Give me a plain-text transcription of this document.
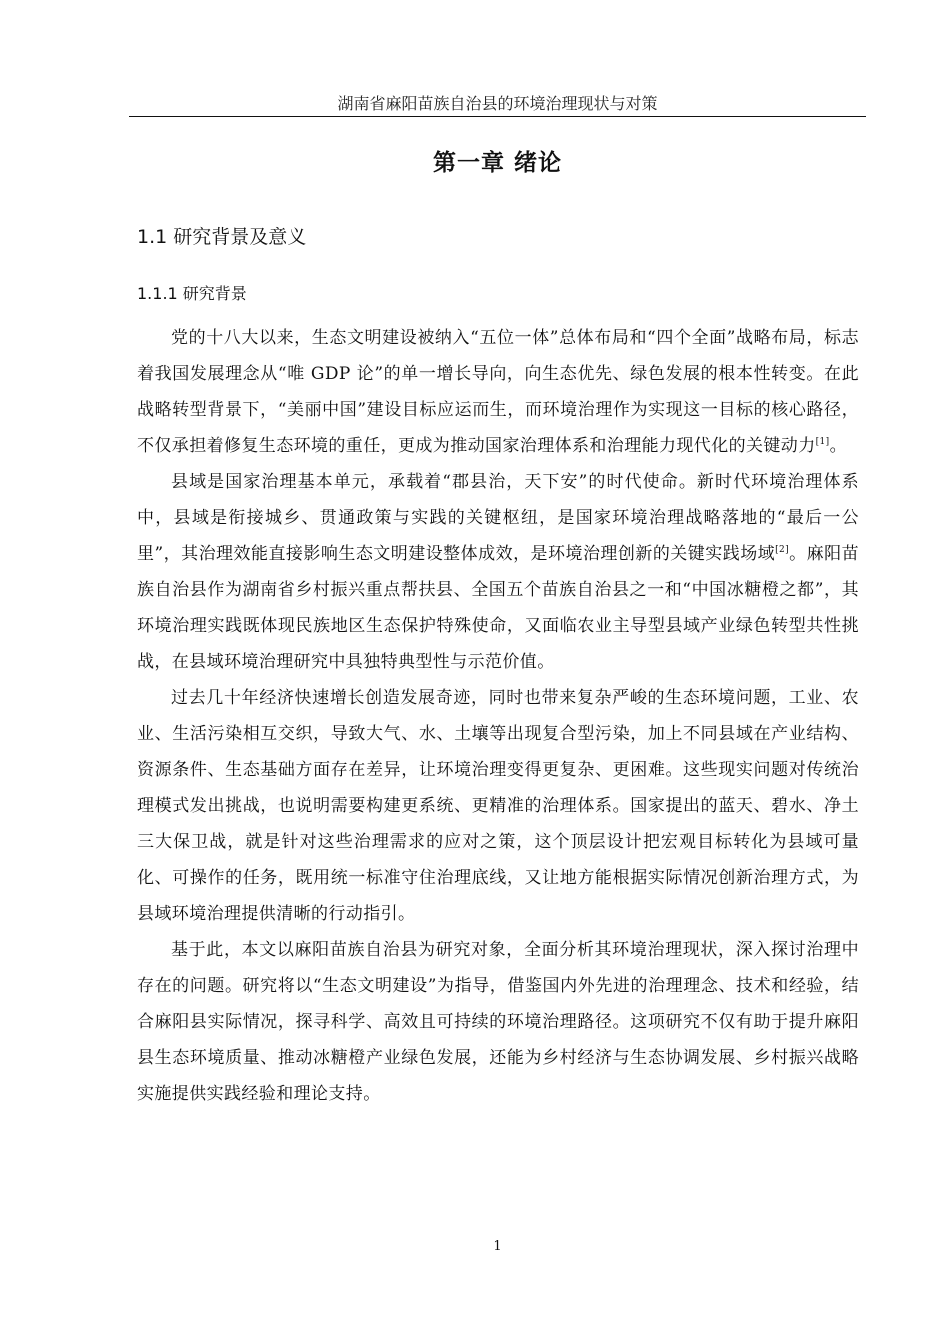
湖南省麻阳苗族自治县的环境治理现状与对策
第一章 绪论
1.1 研究背景及意义
1.1.1 研究背景

党的十八大以来，生态文明建设被纳入“五位一体”总体布局和“四个全面”战略布局，标志着我国发展理念从“唯 GDP 论”的单一增长导向，向生态优先、绿色发展的根本性转变。在此战略转型背景下，“美丽中国”建设目标应运而生，而环境治理作为实现这一目标的核心路径，不仅承担着修复生态环境的重任，更成为推动国家治理体系和治理能力现代化的关键动力[1]。

县域是国家治理基本单元，承载着“郡县治，天下安”的时代使命。新时代环境治理体系中，县域是衔接城乡、贯通政策与实践的关键枢纽，是国家环境治理战略落地的“最后一公里”，其治理效能直接影响生态文明建设整体成效，是环境治理创新的关键实践场域[2]。麻阳苗族自治县作为湖南省乡村振兴重点帮扶县、全国五个苗族自治县之一和“中国冰糖橙之都”，其环境治理实践既体现民族地区生态保护特殊使命，又面临农业主导型县域产业绿色转型共性挑战，在县域环境治理研究中具独特典型性与示范价值。

过去几十年经济快速增长创造发展奇迹，同时也带来复杂严峻的生态环境问题，工业、农业、生活污染相互交织，导致大气、水、土壤等出现复合型污染，加上不同县域在产业结构、资源条件、生态基础方面存在差异，让环境治理变得更复杂、更困难。这些现实问题对传统治理模式发出挑战，也说明需要构建更系统、更精准的治理体系。国家提出的蓝天、碧水、净土三大保卫战，就是针对这些治理需求的应对之策，这个顶层设计把宏观目标转化为县域可量化、可操作的任务，既用统一标准守住治理底线，又让地方能根据实际情况创新治理方式，为县域环境治理提供清晰的行动指引。

基于此，本文以麻阳苗族自治县为研究对象，全面分析其环境治理现状，深入探讨治理中存在的问题。研究将以“生态文明建设”为指导，借鉴国内外先进的治理理念、技术和经验，结合麻阳县实际情况，探寻科学、高效且可持续的环境治理路径。这项研究不仅有助于提升麻阳县生态环境质量、推动冰糖橙产业绿色发展，还能为乡村经济与生态协调发展、乡村振兴战略实施提供实践经验和理论支持。

1
